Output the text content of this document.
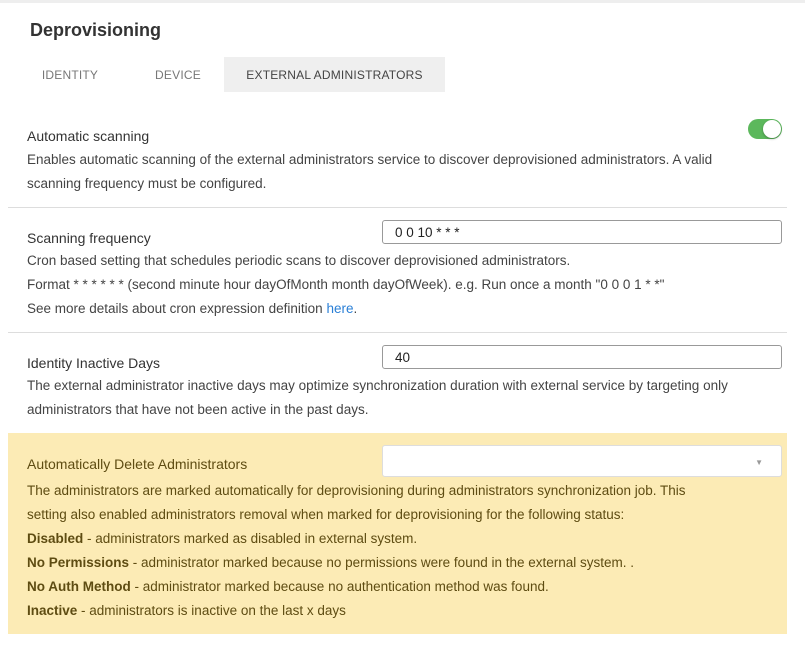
Deprovisioning
IDENTITY	DEVICE	EXTERNAL ADMINISTRATORS
Automatic scanning
Enables automatic scanning of the external administrators service to discover deprovisioned administrators. A valid
scanning frequency must be configured.
Scanning frequency
0 0 10 * * *
Cron based setting that schedules periodic scans to discover deprovisioned administrators.
Format * * * * * * (second minute hour dayOfMonth month dayOfWeek). e.g. Run once a month "0 0 0 1 * *"
See more details about cron expression definition here.
Identity Inactive Days
40
The external administrator inactive days may optimize synchronization duration with external service by targeting only
administrators that have not been active in the past days.
Automatically Delete Administrators	▼
The administrators are marked automatically for deprovisioning during administrators synchronization job. This
setting also enabled administrators removal when marked for deprovisioning for the following status:
Disabled - administrators marked as disabled in external system.
No Permissions - administrator marked because no permissions were found in the external system. .
No Auth Method - administrator marked because no authentication method was found.
Inactive - administrators is inactive on the last x days
